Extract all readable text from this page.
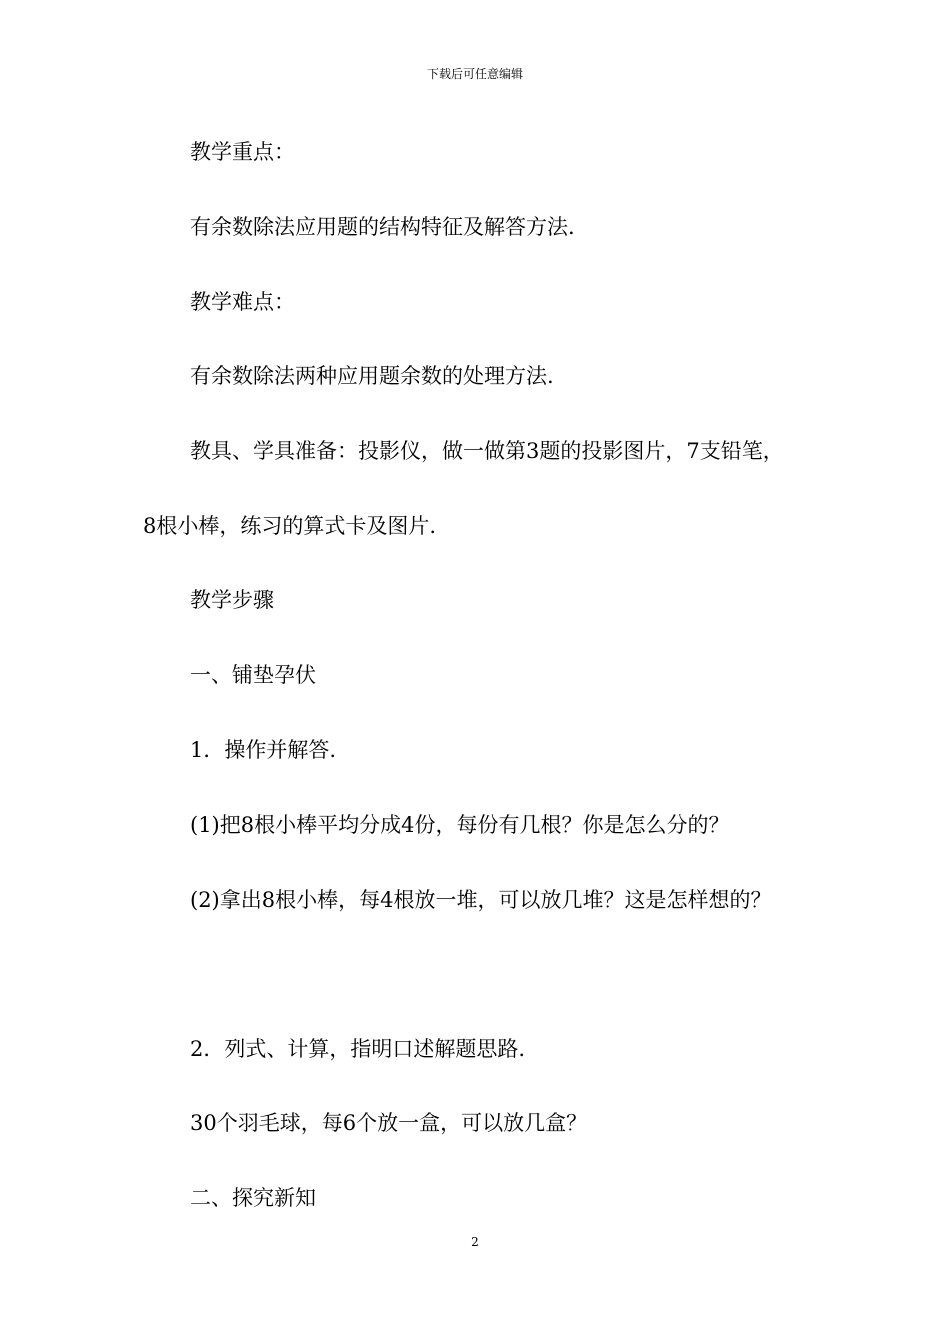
下载后可任意编辑
教学重点：
有余数除法应用题的结构特征及解答方法.
教学难点：
有余数除法两种应用题余数的处理方法.
教具、学具准备：投影仪，做一做第3题的投影图片，7支铅笔，
8根小棒，练习的算式卡及图片.
教学步骤
一、铺垫孕伏
1．操作并解答.
(1)把8根小棒平均分成4份，每份有几根？你是怎么分的？
(2)拿出8根小棒，每4根放一堆，可以放几堆？这是怎样想的？
2．列式、计算，指明口述解题思路.
30个羽毛球，每6个放一盒，可以放几盒？
二、探究新知
2
